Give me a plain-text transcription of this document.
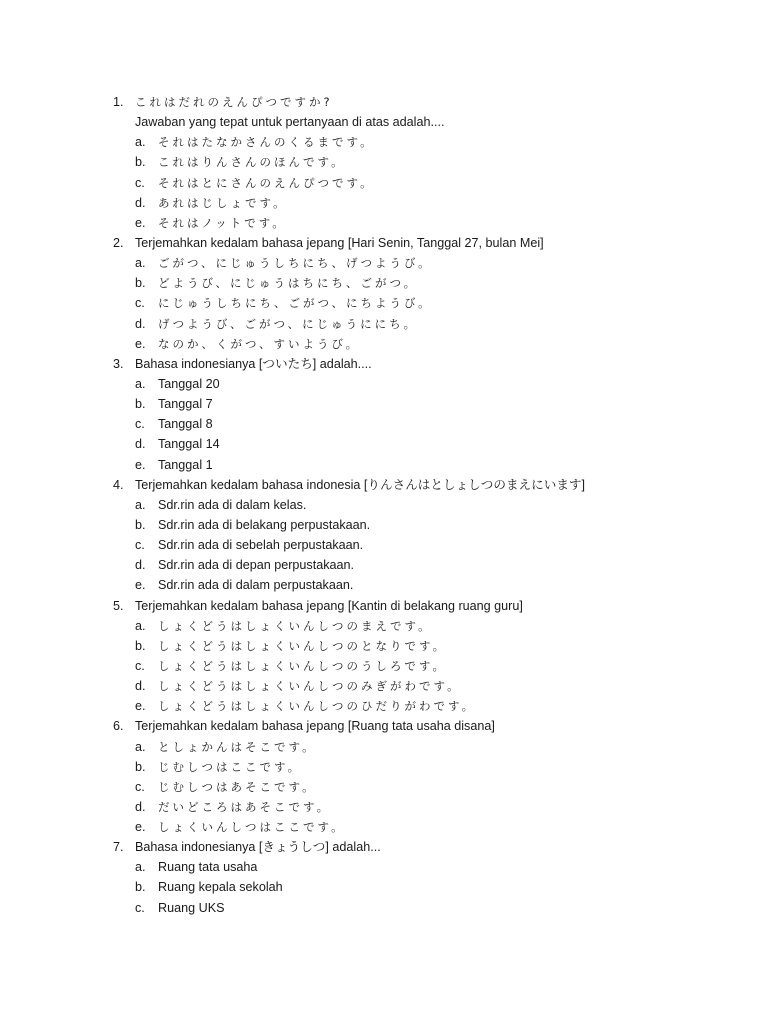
1. これはだれのえんぴつですか?
Jawaban yang tepat untuk pertanyaan di atas adalah....
a. それはたなかさんのくるまです。
b. これはりんさんのほんです。
c. それはとにさんのえんぴつです。
d. あれはじしょです。
e. それはノットです。
2. Terjemahkan kedalam bahasa jepang [Hari Senin, Tanggal 27, bulan Mei]
a. ごがつ、にじゅうしちにち、げつようび。
b. どようび、にじゅうはちにち、ごがつ。
c. にじゅうしちにち、ごがつ、にちようび。
d. げつようび、ごがつ、にじゅうににち。
e. なのか、くがつ、すいようび。
3. Bahasa indonesianya [ついたち] adalah....
a. Tanggal 20
b. Tanggal 7
c. Tanggal 8
d. Tanggal 14
e. Tanggal 1
4. Terjemahkan kedalam bahasa indonesia [りんさんはとしょしつのまえにいます]
a. Sdr.rin ada di dalam kelas.
b. Sdr.rin ada di belakang perpustakaan.
c. Sdr.rin ada di sebelah perpustakaan.
d. Sdr.rin ada di depan perpustakaan.
e. Sdr.rin ada di dalam perpustakaan.
5. Terjemahkan kedalam bahasa jepang [Kantin di belakang ruang guru]
a. しょくどうはしょくいんしつのまえです。
b. しょくどうはしょくいんしつのとなりです。
c. しょくどうはしょくいんしつのうしろです。
d. しょくどうはしょくいんしつのみぎがわです。
e. しょくどうはしょくいんしつのひだりがわです。
6. Terjemahkan kedalam bahasa jepang [Ruang tata usaha disana]
a. としょかんはそこです。
b. じむしつはここです。
c. じむしつはあそこです。
d. だいどころはあそこです。
e. しょくいんしつはここです。
7. Bahasa indonesianya [きょうしつ] adalah...
a. Ruang tata usaha
b. Ruang kepala sekolah
c. Ruang UKS
